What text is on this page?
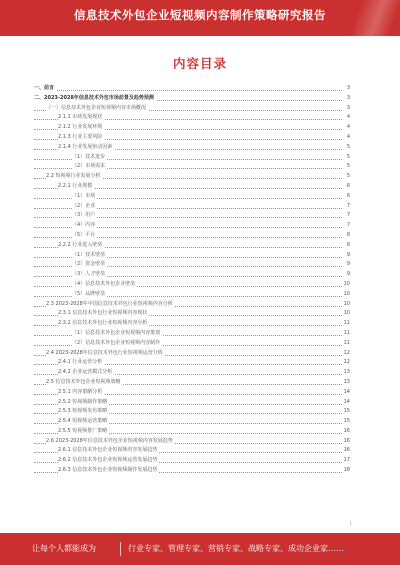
信息技术外包企业短视频内容制作策略研究报告
内容目录
一、前言	3
二、2023-2028年信息技术外包市场前景及趋势预测	3
（一）信息技术外包企业短视频内容市场概况	3
2.1.1 市场发展现状	4
2.1.2 行业发展环境	4
2.1.3 行业主要风险	4
2.1.4 行业发展驱动因素	5
（1）技术进步	5
（2）市场需求	5
2.2 短视频行业发展分析	5
2.2.1 行业规模	6
（1）市场	6
（2）企业	7
（3）用户	7
（4）内容	7
（5）平台	8
2.2.2 行业进入壁垒	8
（1）技术壁垒	9
（2）资金壁垒	9
（3）人才壁垒	9
（4）信息技术外包企业壁垒	10
（5）品牌壁垒	10
2.3 2023-2028年中国信息技术外包行业短视频内容分析	10
2.3.1 信息技术外包行业短视频内容现状	10
2.3.2 信息技术外包行业短视频内容分析	11
（1）信息技术外包企业短视频内容策划	11
（2）信息技术外包企业短视频内容制作	11
2.4 2023-2028年信息技术外包行业短视频运营分析	12
2.4.1 行业运营分析	12
2.4.2 企业运营模式分析	13
2.5 信息技术外包企业短视频策略	13
2.5.1 内容策略分析	14
2.5.2 短视频制作策略	14
2.5.3 短视频发布策略	15
2.5.4 短视频运营策略	15
2.5.5 短视频推广策略	16
2.6 2023-2028年信息技术外包企业短视频内容发展趋势	16
2.6.1 信息技术外包企业短视频内容发展趋势	16
2.6.2 信息技术外包企业短视频运营发展趋势	17
2.6.3 信息技术外包企业短视频制作发展趋势	18
1
让每个人都能成为	行业专家、管理专家、营销专家、战略专家、成功企业家……
